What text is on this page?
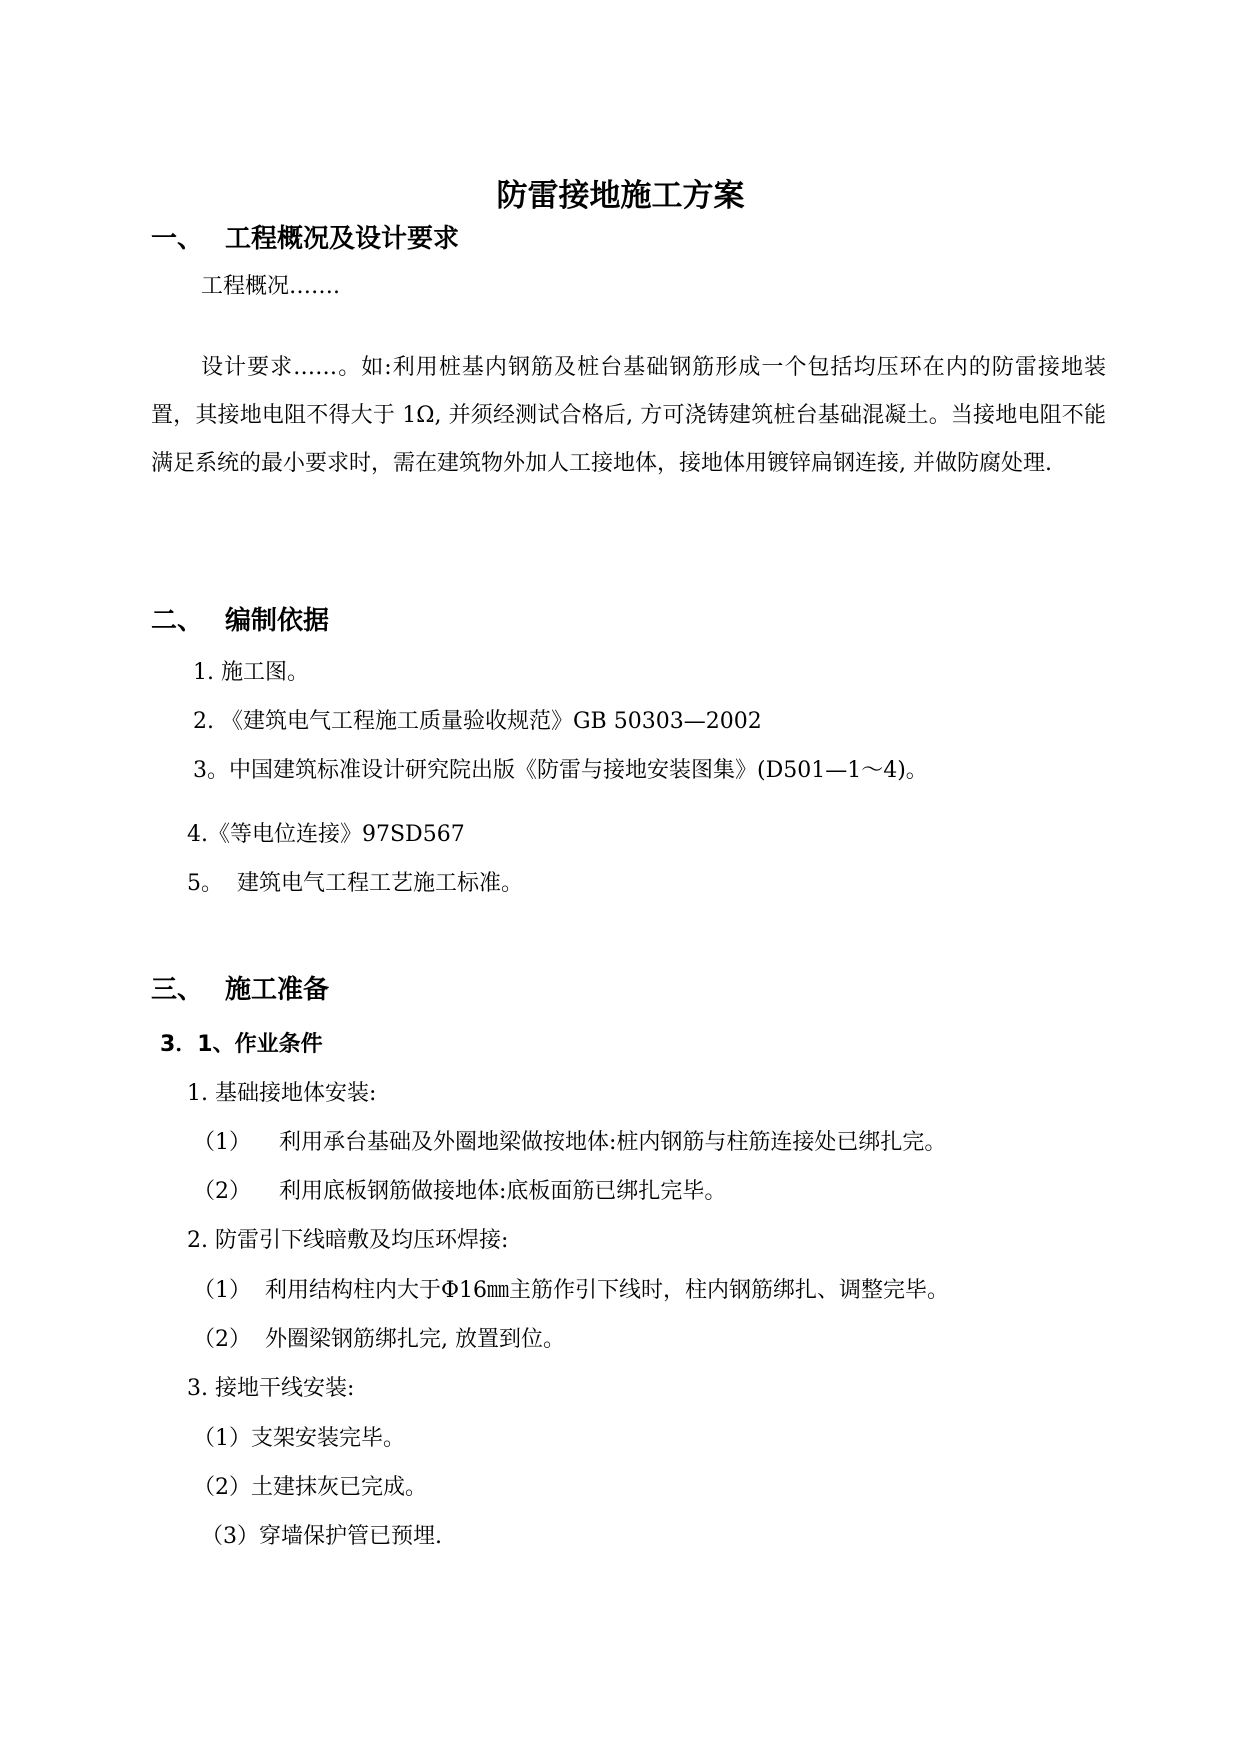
防雷接地施工方案
一、 工程概况及设计要求
工程概况…….
设计要求……。如:利用桩基内钢筋及桩台基础钢筋形成一个包括均压环在内的防雷接地装置，其接地电阻不得大于 1Ω, 并须经测试合格后, 方可浇铸建筑桩台基础混凝土。当接地电阻不能满足系统的最小要求时，需在建筑物外加人工接地体，接地体用镀锌扁钢连接, 并做防腐处理.
二、 编制依据
1. 施工图。
2. 《建筑电气工程施工质量验收规范》GB 50303—2002
3。中国建筑标准设计研究院出版《防雷与接地安装图集》(D501—1～4)。
4.《等电位连接》97SD567
5。  建筑电气工程工艺施工标准。
三、 施工准备
3．1、作业条件
1. 基础接地体安装:
（1）    利用承台基础及外圈地梁做按地体:桩内钢筋与柱筋连接处已绑扎完。
（2）    利用底板钢筋做接地体:底板面筋已绑扎完毕。
2. 防雷引下线暗敷及均压环焊接:
（1）  利用结构柱内大于Φ16㎜主筋作引下线时，柱内钢筋绑扎、调整完毕。
（2）  外圈梁钢筋绑扎完, 放置到位。
3. 接地干线安装:
（1）支架安装完毕。
（2）土建抹灰已完成。
（3）穿墙保护管已预埋.
